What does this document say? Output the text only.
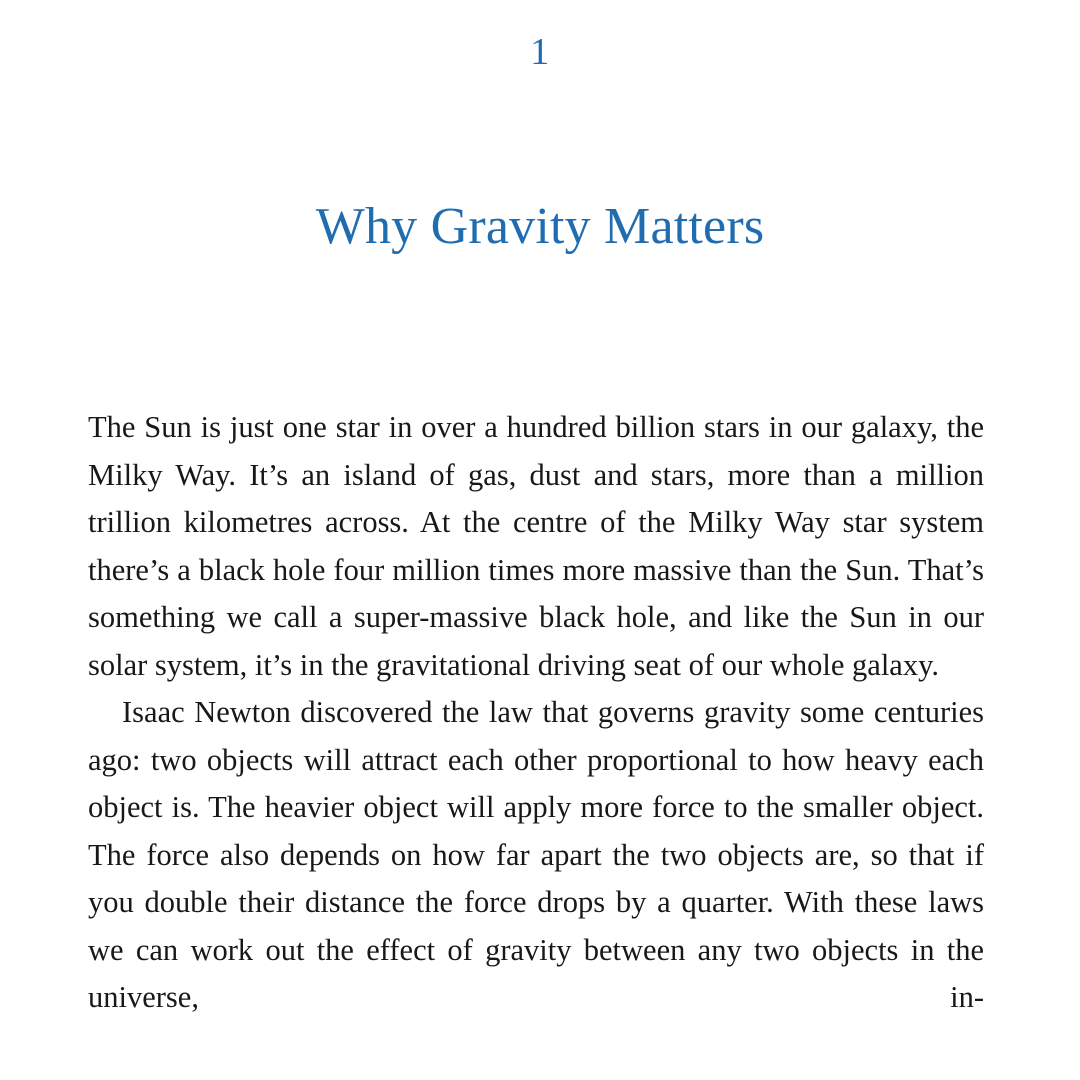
1
Why Gravity Matters

The Sun is just one star in over a hundred billion stars in our galaxy, the Milky Way. It’s an island of gas, dust and stars, more than a million trillion kilometres across. At the centre of the Milky Way star system there’s a black hole four million times more massive than the Sun. That’s something we call a super-massive black hole, and like the Sun in our solar system, it’s in the gravitational driving seat of our whole galaxy.

Isaac Newton discovered the law that governs gravity some centuries ago: two objects will attract each other proportional to how heavy each object is. The heavier object will apply more force to the smaller object. The force also depends on how far apart the two objects are, so that if you double their distance the force drops by a quarter. With these laws we can work out the effect of gravity between any two objects in the universe, in-
